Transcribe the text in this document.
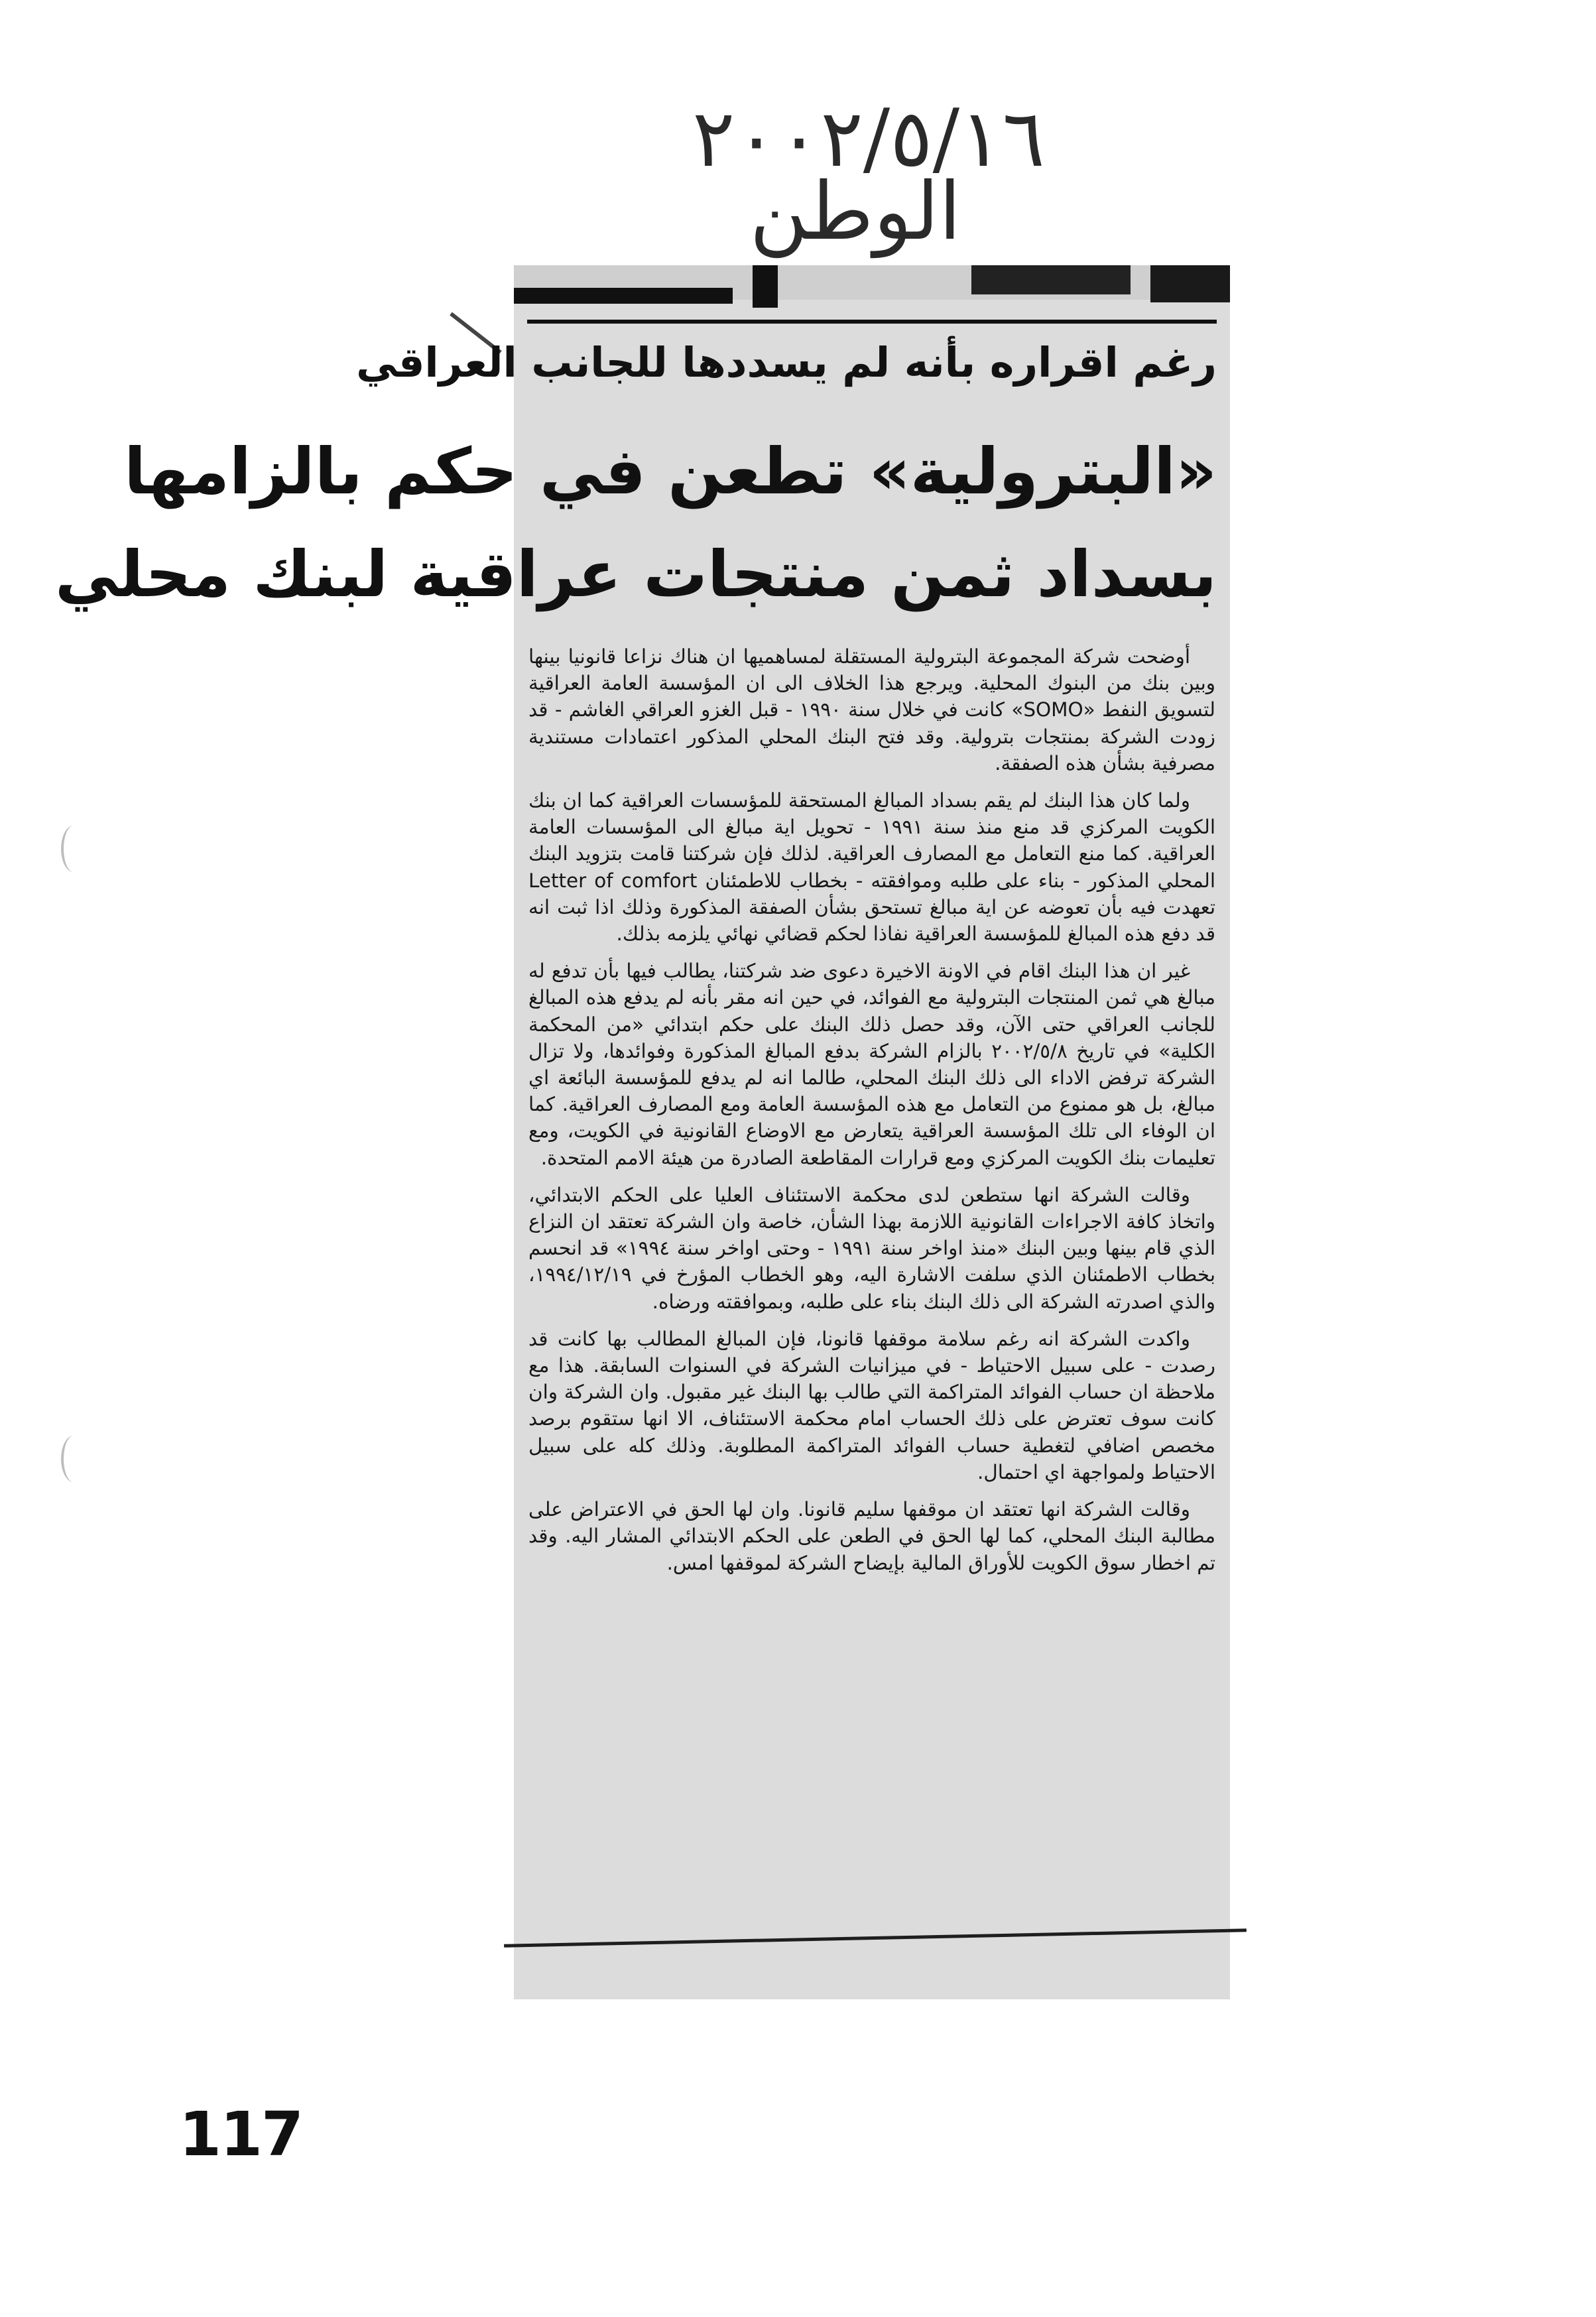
٢٠٠٢/٥/١٦
الوطن
رغم اقراره بأنه لم يسددها للجانب العراقي
«البترولية» تطعن في حكم بالزامها
بسداد ثمن منتجات عراقية لبنك محلي

أوضحت شركة المجموعة البترولية المستقلة لمساهميها ان هناك نزاعا قانونيا بينها وبين بنك من البنوك المحلية. ويرجع هذا الخلاف الى ان المؤسسة العامة العراقية لتسويق النفط «SOMO» كانت في خلال سنة ١٩٩٠ - قبل الغزو العراقي الغاشم - قد زودت الشركة بمنتجات بترولية. وقد فتح البنك المحلي المذكور اعتمادات مستندية مصرفية بشأن هذه الصفقة.

ولما كان هذا البنك لم يقم بسداد المبالغ المستحقة للمؤسسات العراقية كما ان بنك الكويت المركزي قد منع منذ سنة ١٩٩١ - تحويل اية مبالغ الى المؤسسات العامة العراقية. كما منع التعامل مع المصارف العراقية. لذلك فإن شركتنا قامت بتزويد البنك المحلي المذكور - بناء على طلبه وموافقته - بخطاب للاطمئنان Letter of comfort تعهدت فيه بأن تعوضه عن اية مبالغ تستحق بشأن الصفقة المذكورة وذلك اذا ثبت انه قد دفع هذه المبالغ للمؤسسة العراقية نفاذا لحكم قضائي نهائي يلزمه بذلك.

غير ان هذا البنك اقام في الاونة الاخيرة دعوى ضد شركتنا، يطالب فيها بأن تدفع له مبالغ هي ثمن المنتجات البترولية مع الفوائد، في حين انه مقر بأنه لم يدفع هذه المبالغ للجانب العراقي حتى الآن، وقد حصل ذلك البنك على حكم ابتدائي «من المحكمة الكلية» في تاريخ ٢٠٠٢/٥/٨ بالزام الشركة بدفع المبالغ المذكورة وفوائدها، ولا تزال الشركة ترفض الاداء الى ذلك البنك المحلي، طالما انه لم يدفع للمؤسسة البائعة اي مبالغ، بل هو ممنوع من التعامل مع هذه المؤسسة العامة ومع المصارف العراقية. كما ان الوفاء الى تلك المؤسسة العراقية يتعارض مع الاوضاع القانونية في الكويت، ومع تعليمات بنك الكويت المركزي ومع قرارات المقاطعة الصادرة من هيئة الامم المتحدة.

وقالت الشركة انها ستطعن لدى محكمة الاستئناف العليا على الحكم الابتدائي، واتخاذ كافة الاجراءات القانونية اللازمة بهذا الشأن، خاصة وان الشركة تعتقد ان النزاع الذي قام بينها وبين البنك «منذ اواخر سنة ١٩٩١ - وحتى اواخر سنة ١٩٩٤» قد انحسم بخطاب الاطمئنان الذي سلفت الاشارة اليه، وهو الخطاب المؤرخ في ١٩٩٤/١٢/١٩، والذي اصدرته الشركة الى ذلك البنك بناء على طلبه، وبموافقته ورضاه.

واكدت الشركة انه رغم سلامة موقفها قانونا، فإن المبالغ المطالب بها كانت قد رصدت - على سبيل الاحتياط - في ميزانيات الشركة في السنوات السابقة. هذا مع ملاحظة ان حساب الفوائد المتراكمة التي طالب بها البنك غير مقبول. وان الشركة وان كانت سوف تعترض على ذلك الحساب امام محكمة الاستئناف، الا انها ستقوم برصد مخصص اضافي لتغطية حساب الفوائد المتراكمة المطلوبة. وذلك كله على سبيل الاحتياط ولمواجهة اي احتمال.

وقالت الشركة انها تعتقد ان موقفها سليم قانونا. وان لها الحق في الاعتراض على مطالبة البنك المحلي، كما لها الحق في الطعن على الحكم الابتدائي المشار اليه. وقد تم اخطار سوق الكويت للأوراق المالية بإيضاح الشركة لموقفها امس.

117
